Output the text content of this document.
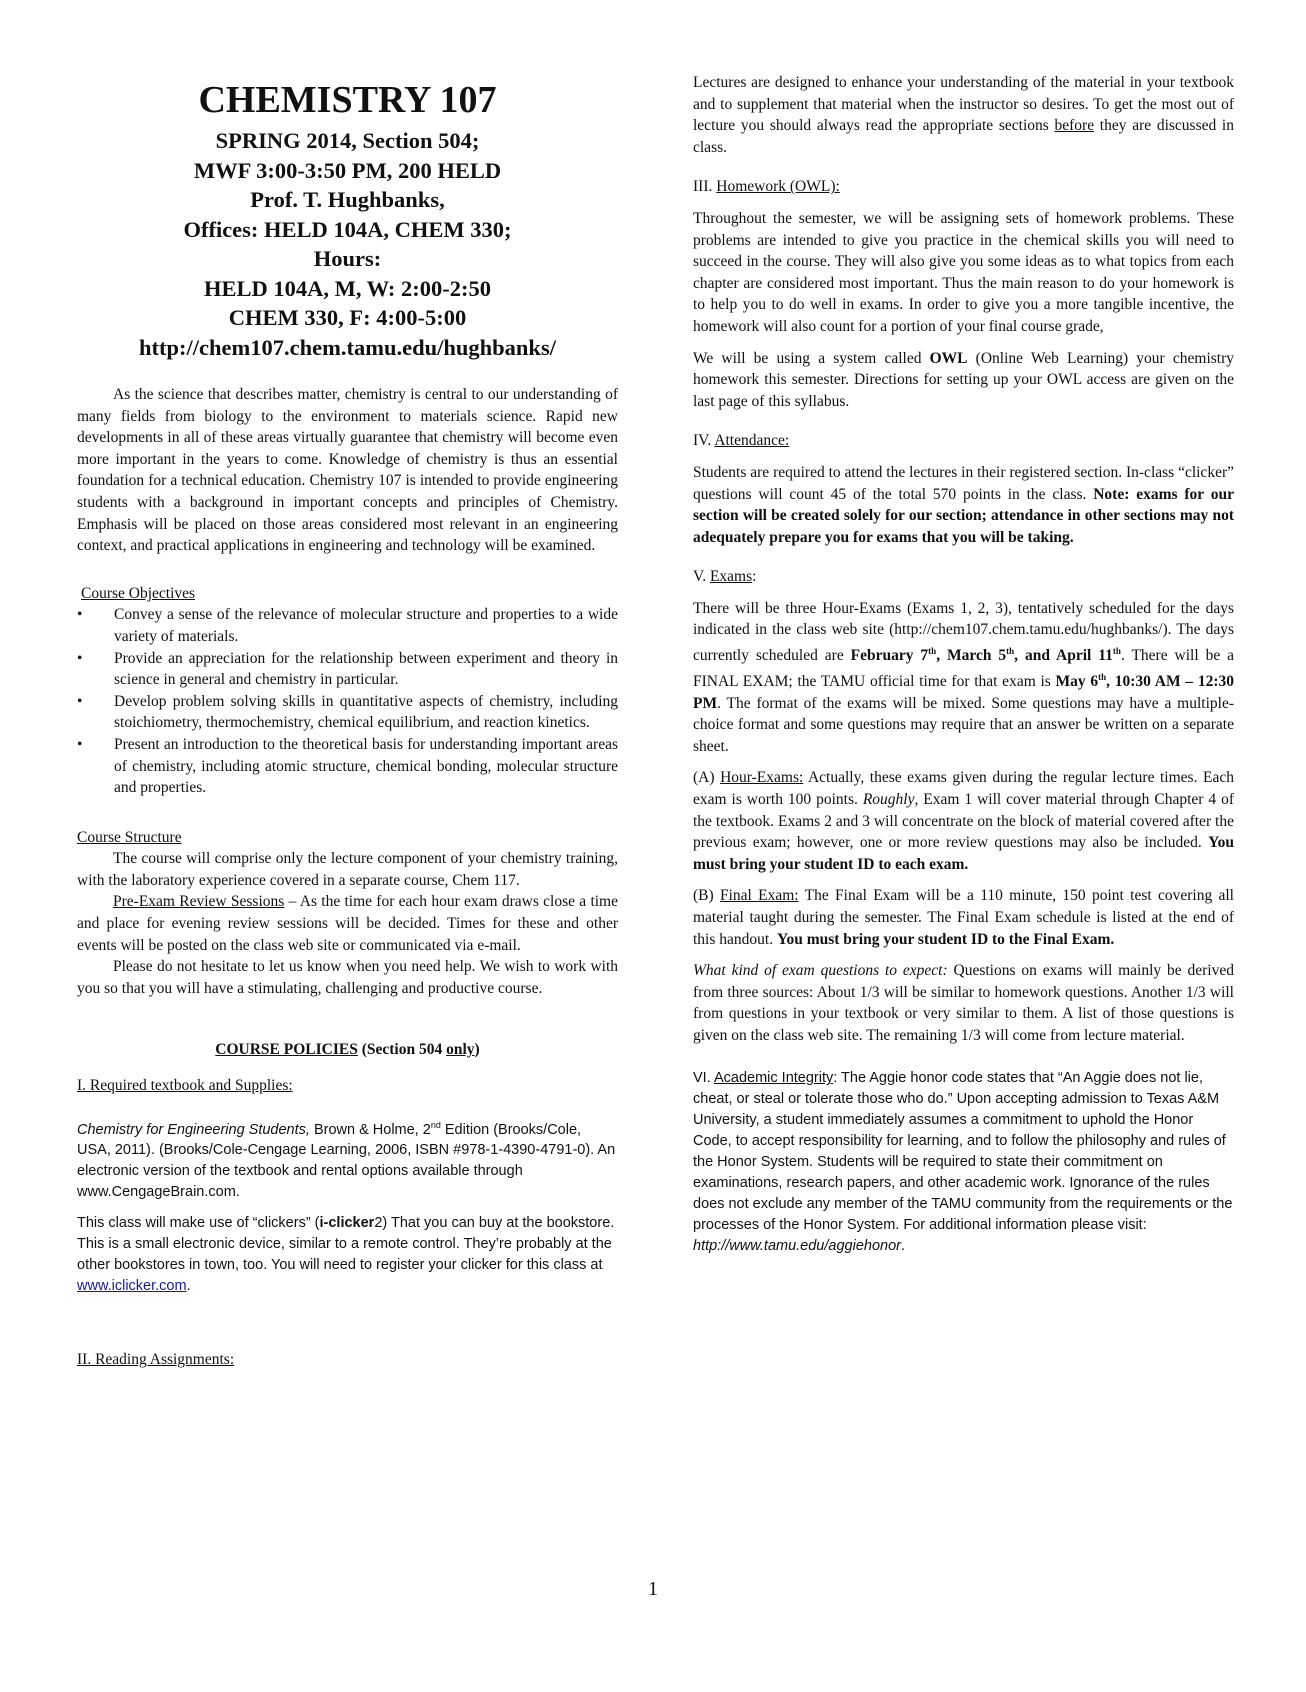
CHEMISTRY 107
SPRING 2014, Section 504;
MWF 3:00-3:50 PM, 200 HELD
Prof. T. Hughbanks,
Offices: HELD 104A, CHEM 330;
Hours:
HELD 104A, M, W: 2:00-2:50
CHEM 330, F: 4:00-5:00
http://chem107.chem.tamu.edu/hughbanks/

As the science that describes matter, chemistry is central to our understanding of many fields from biology to the environment to materials science. Rapid new developments in all of these areas virtually guarantee that chemistry will become even more important in the years to come. Knowledge of chemistry is thus an essential foundation for a technical education. Chemistry 107 is intended to provide engineering students with a background in important concepts and principles of Chemistry. Emphasis will be placed on those areas considered most relevant in an engineering context, and practical applications in engineering and technology will be examined.

Course Objectives
• Convey a sense of the relevance of molecular structure and properties to a wide variety of materials.
• Provide an appreciation for the relationship between experiment and theory in science in general and chemistry in particular.
• Develop problem solving skills in quantitative aspects of chemistry, including stoichiometry, thermochemistry, chemical equilibrium, and reaction kinetics.
• Present an introduction to the theoretical basis for understanding important areas of chemistry, including atomic structure, chemical bonding, molecular structure and properties.
Course Structure

The course will comprise only the lecture component of your chemistry training, with the laboratory experience covered in a separate course, Chem 117.

Pre-Exam Review Sessions – As the time for each hour exam draws close a time and place for evening review sessions will be decided. Times for these and other events will be posted on the class web site or communicated via e-mail.

Please do not hesitate to let us know when you need help. We wish to work with you so that you will have a stimulating, challenging and productive course.

COURSE POLICIES (Section 504 only)
I. Required textbook and Supplies:

Chemistry for Engineering Students, Brown & Holme, 2nd Edition (Brooks/Cole, USA, 2011). (Brooks/Cole-Cengage Learning, 2006, ISBN #978-1-4390-4791-0). An electronic version of the textbook and rental options available through www.CengageBrain.com.

This class will make use of “clickers” (i-clicker2) That you can buy at the bookstore. This is a small electronic device, similar to a remote control. They’re probably at the other bookstores in town, too. You will need to register your clicker for this class at www.iclicker.com.

II. Reading Assignments:

Lectures are designed to enhance your understanding of the material in your textbook and to supplement that material when the instructor so desires. To get the most out of lecture you should always read the appropriate sections before they are discussed in class.

III. Homework (OWL):

Throughout the semester, we will be assigning sets of homework problems. These problems are intended to give you practice in the chemical skills you will need to succeed in the course. They will also give you some ideas as to what topics from each chapter are considered most important. Thus the main reason to do your homework is to help you to do well in exams. In order to give you a more tangible incentive, the homework will also count for a portion of your final course grade,

We will be using a system called OWL (Online Web Learning) your chemistry homework this semester. Directions for setting up your OWL access are given on the last page of this syllabus.

IV. Attendance:

Students are required to attend the lectures in their registered section. In-class “clicker” questions will count 45 of the total 570 points in the class. Note: exams for our section will be created solely for our section; attendance in other sections may not adequately prepare you for exams that you will be taking.

V. Exams:

There will be three Hour-Exams (Exams 1, 2, 3), tentatively scheduled for the days indicated in the class web site (http://chem107.chem.tamu.edu/hughbanks/). The days currently scheduled are February 7th, March 5th, and April 11th. There will be a FINAL EXAM; the TAMU official time for that exam is May 6th, 10:30 AM – 12:30 PM. The format of the exams will be mixed. Some questions may have a multiple-choice format and some questions may require that an answer be written on a separate sheet.

(A) Hour-Exams: Actually, these exams given during the regular lecture times. Each exam is worth 100 points. Roughly, Exam 1 will cover material through Chapter 4 of the textbook. Exams 2 and 3 will concentrate on the block of material covered after the previous exam; however, one or more review questions may also be included. You must bring your student ID to each exam.

(B) Final Exam: The Final Exam will be a 110 minute, 150 point test covering all material taught during the semester. The Final Exam schedule is listed at the end of this handout. You must bring your student ID to the Final Exam.

What kind of exam questions to expect: Questions on exams will mainly be derived from three sources: About 1/3 will be similar to homework questions. Another 1/3 will from questions in your textbook or very similar to them. A list of those questions is given on the class web site. The remaining 1/3 will come from lecture material.

VI. Academic Integrity: The Aggie honor code states that “An Aggie does not lie, cheat, or steal or tolerate those who do.” Upon accepting admission to Texas A&M University, a student immediately assumes a commitment to uphold the Honor Code, to accept responsibility for learning, and to follow the philosophy and rules of the Honor System. Students will be required to state their commitment on examinations, research papers, and other academic work. Ignorance of the rules does not exclude any member of the TAMU community from the requirements or the processes of the Honor System. For additional information please visit: http://www.tamu.edu/aggiehonor.

1
